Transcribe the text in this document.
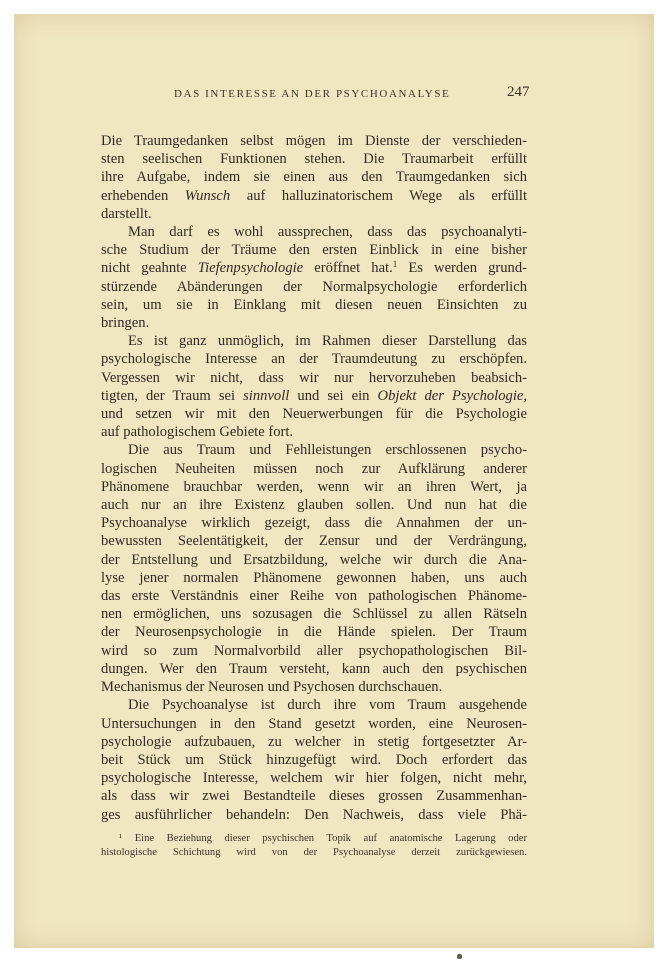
DAS INTERESSE AN DER PSYCHOANALYSE	247
Die Traumgedanken selbst mögen im Dienste der verschieden-
sten seelischen Funktionen stehen. Die Traumarbeit erfüllt
ihre Aufgabe, indem sie einen aus den Traumgedanken sich
erhebenden Wunsch auf halluzinatorischem Wege als erfüllt
darstellt.
Man darf es wohl aussprechen, dass das psychoanalyti-
sche Studium der Träume den ersten Einblick in eine bisher
nicht geahnte Tiefenpsychologie eröffnet hat.$^1$ Es werden grund-
stürzende Abänderungen der Normalpsychologie erforderlich
sein, um sie in Einklang mit diesen neuen Einsichten zu
bringen.
Es ist ganz unmöglich, im Rahmen dieser Darstellung das
psychologische Interesse an der Traumdeutung zu erschöpfen.
Vergessen wir nicht, dass wir nur hervorzuheben beabsich-
tigten, der Traum sei sinnvoll und sei ein Objekt der Psychologie,
und setzen wir mit den Neuerwerbungen für die Psychologie
auf pathologischem Gebiete fort.
Die aus Traum und Fehlleistungen erschlossenen psycho-
logischen Neuheiten müssen noch zur Aufklärung anderer
Phänomene brauchbar werden, wenn wir an ihren Wert, ja
auch nur an ihre Existenz glauben sollen. Und nun hat die
Psychoanalyse wirklich gezeigt, dass die Annahmen der un-
bewussten Seelentätigkeit, der Zensur und der Verdrängung,
der Entstellung und Ersatzbildung, welche wir durch die Ana-
lyse jener normalen Phänomene gewonnen haben, uns auch
das erste Verständnis einer Reihe von pathologischen Phänome-
nen ermöglichen, uns sozusagen die Schlüssel zu allen Rätseln
der Neurosenpsychologie in die Hände spielen. Der Traum
wird so zum Normalvorbild aller psychopathologischen Bil-
dungen. Wer den Traum versteht, kann auch den psychischen
Mechanismus der Neurosen und Psychosen durchschauen.
Die Psychoanalyse ist durch ihre vom Traum ausgehende
Untersuchungen in den Stand gesetzt worden, eine Neurosen-
psychologie aufzubauen, zu welcher in stetig fortgesetzter Ar-
beit Stück um Stück hinzugefügt wird. Doch erfordert das
psychologische Interesse, welchem wir hier folgen, nicht mehr,
als dass wir zwei Bestandteile dieses grossen Zusammenhan-
ges ausführlicher behandeln: Den Nachweis, dass viele Phä-
¹ Eine Beziehung dieser psychischen Topik auf anatomische Lagerung oder
histologische Schichtung wird von der Psychoanalyse derzeit zurückgewiesen.
